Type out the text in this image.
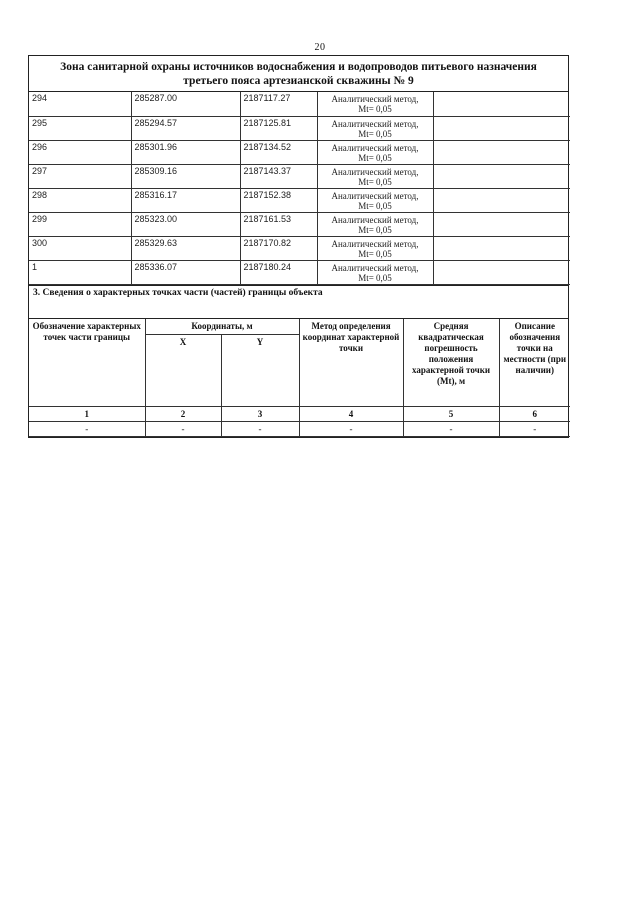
20
Зона санитарной охраны источников водоснабжения и водопроводов питьевого назначения третьего пояса артезианской скважины № 9
294	285287.00	2187117.27	Аналитический метод,
Mt= 0,05	

295	285294.57	2187125.81	Аналитический метод,
Mt= 0,05	

296	285301.96	2187134.52	Аналитический метод,
Mt= 0,05	

297	285309.16	2187143.37	Аналитический метод,
Mt= 0,05	

298	285316.17	2187152.38	Аналитический метод,
Mt= 0,05	

299	285323.00	2187161.53	Аналитический метод,
Mt= 0,05	

300	285329.63	2187170.82	Аналитический метод,
Mt= 0,05	

1	285336.07	2187180.24	Аналитический метод,
Mt= 0,05	

3. Сведения о характерных точках части (частей) границы объекта
Обозначение характерных точек части границы	Координаты, м		Метод определения координат характерной точки	Средняя квадратическая погрешность положения характерной точки (Mt), м	Описание обозначения точки на местности (при наличии)
	X	Y			
1	2	3	4	5	6
-	-	-	-	-	-
